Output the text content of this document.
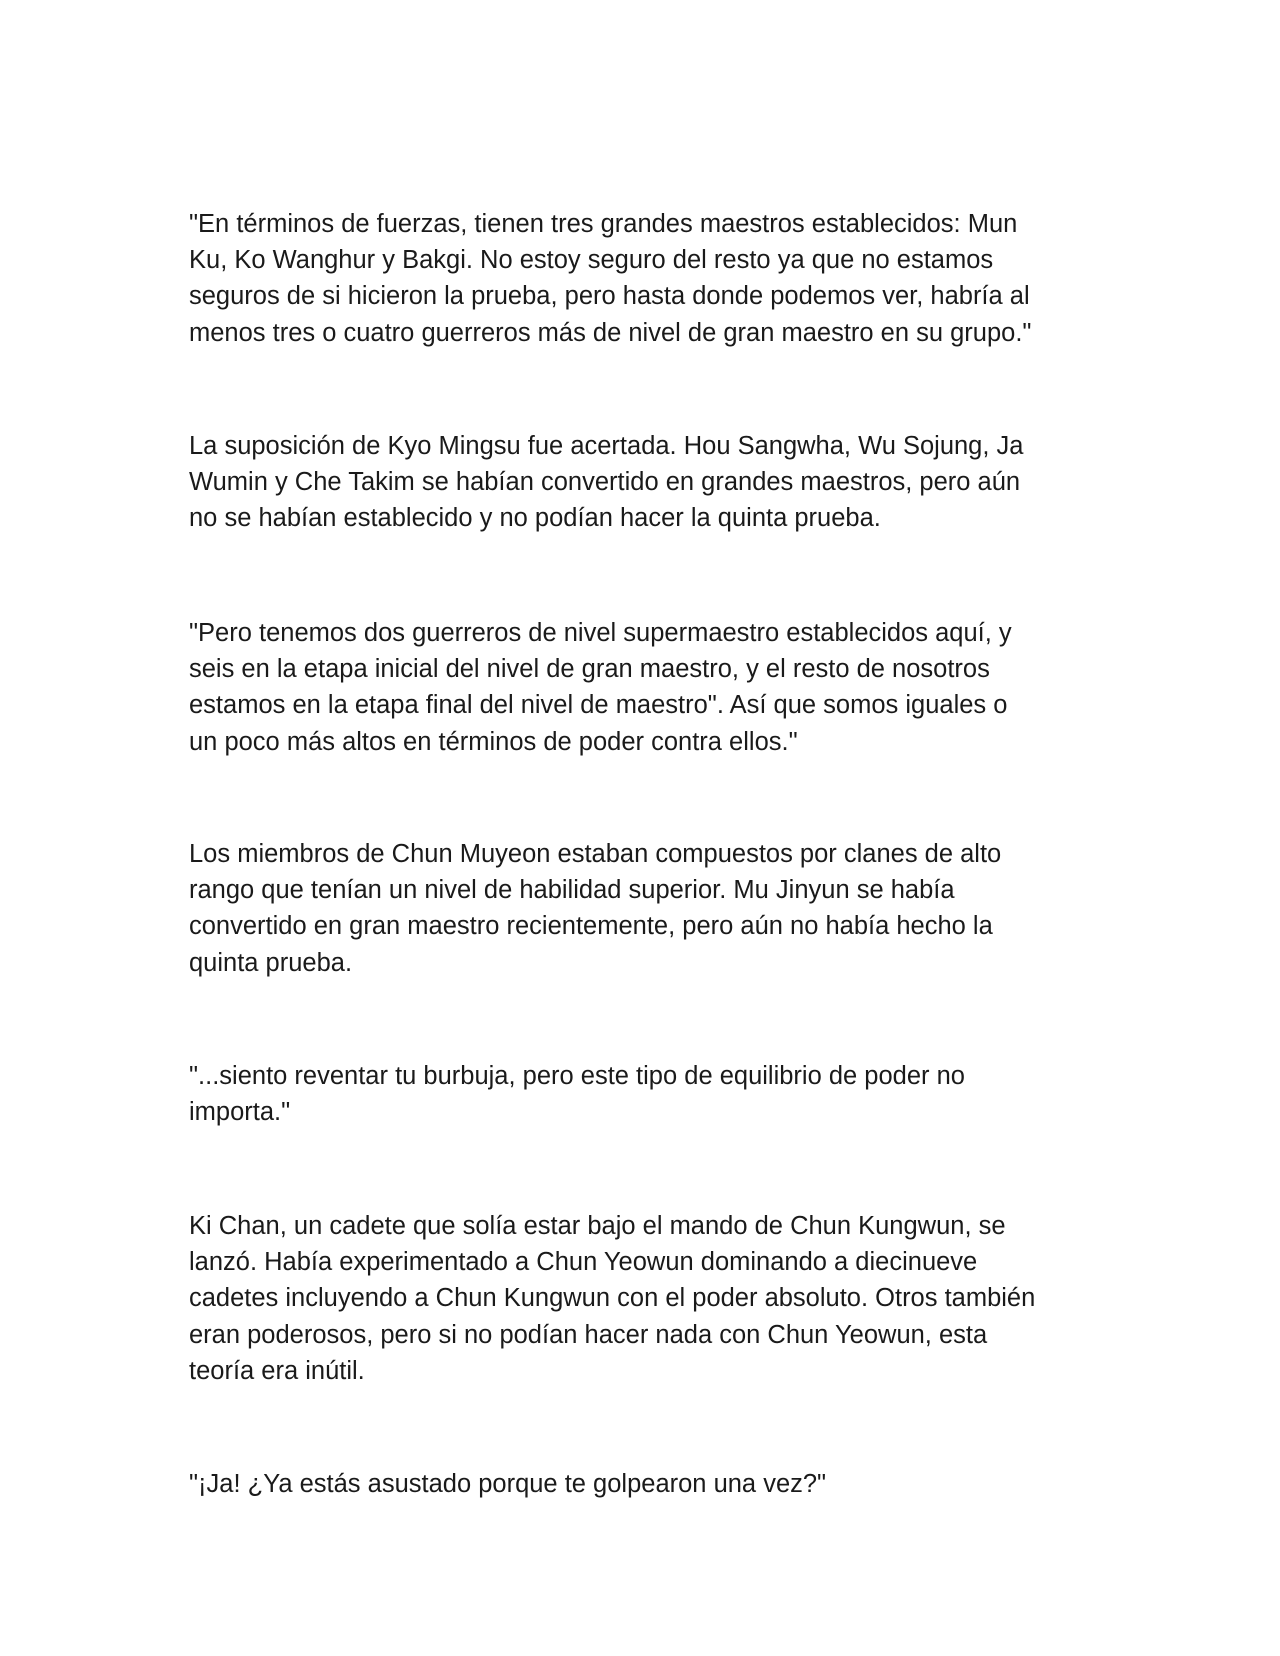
"En términos de fuerzas, tienen tres grandes maestros establecidos: Mun
Ku, Ko Wanghur y Bakgi. No estoy seguro del resto ya que no estamos
seguros de si hicieron la prueba, pero hasta donde podemos ver, habría al
menos tres o cuatro guerreros más de nivel de gran maestro en su grupo."

La suposición de Kyo Mingsu fue acertada. Hou Sangwha, Wu Sojung, Ja
Wumin y Che Takim se habían convertido en grandes maestros, pero aún
no se habían establecido y no podían hacer la quinta prueba.

"Pero tenemos dos guerreros de nivel supermaestro establecidos aquí, y
seis en la etapa inicial del nivel de gran maestro, y el resto de nosotros
estamos en la etapa final del nivel de maestro". Así que somos iguales o
un poco más altos en términos de poder contra ellos."

Los miembros de Chun Muyeon estaban compuestos por clanes de alto
rango que tenían un nivel de habilidad superior. Mu Jinyun se había
convertido en gran maestro recientemente, pero aún no había hecho la
quinta prueba.

"...siento reventar tu burbuja, pero este tipo de equilibrio de poder no
importa."

Ki Chan, un cadete que solía estar bajo el mando de Chun Kungwun, se
lanzó. Había experimentado a Chun Yeowun dominando a diecinueve
cadetes incluyendo a Chun Kungwun con el poder absoluto. Otros también
eran poderosos, pero si no podían hacer nada con Chun Yeowun, esta
teoría era inútil.

"¡Ja! ¿Ya estás asustado porque te golpearon una vez?"
